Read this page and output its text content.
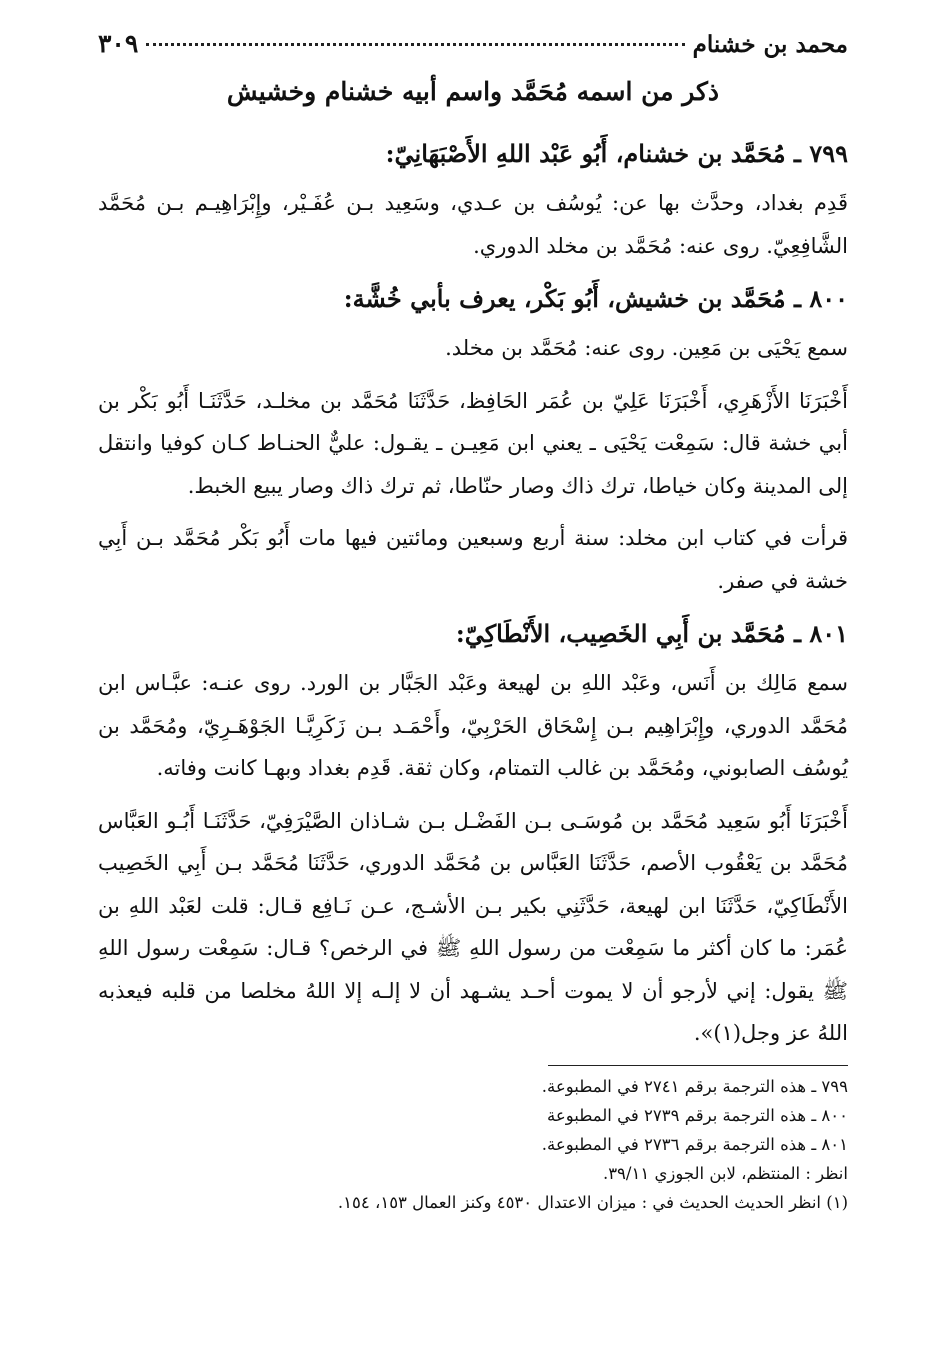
محمد بن خشنام
٣٠٩
ذكر من اسمه مُحَمَّد واسم أبيه خشنام وخشيش
٧٩٩ ـ مُحَمَّد بن خشنام، أَبُو عَبْد اللهِ الأَصْبَهَانِيّ:

قَدِم بغداد، وحدَّث بها عن: يُوسُف بن عـدي، وسَعِيد بـن عُفَـيْر، وإِبْرَاهِيـم بـن مُحَمَّد الشَّافِعِيّ. روى عنه: مُحَمَّد بن مخلد الدوري.

٨٠٠ ـ مُحَمَّد بن خشيش، أَبُو بَكْر، يعرف بأبي خُشَّة:

سمع يَحْيَى بن مَعِين. روى عنه: مُحَمَّد بن مخلد.

أَخْبَرَنَا الأَزْهَرِي، أَخْبَرَنَا عَلِيّ بن عُمَر الحَافِظ، حَدَّثَنَا مُحَمَّد بن مخلـد، حَدَّثَنَـا أَبُو بَكْر بن أبي خشة قال: سَمِعْت يَحْيَى ـ يعني ابن مَعِيـن ـ يقـول: عليٌّ الحنـاط كـان كوفيا وانتقل إلى المدينة وكان خياطا، ترك ذاك وصار حنّاطا، ثم ترك ذاك وصار يبيع الخبط.

قرأت في كتاب ابن مخلد: سنة أربع وسبعين ومائتين فيها مات أَبُو بَكْر مُحَمَّد بـن أَبِي خشة في صفر.

٨٠١ ـ مُحَمَّد بن أَبِي الخَصِيب، الأَنْطَاكِيّ:

سمع مَالِك بن أَنَس، وعَبْد اللهِ بن لهيعة وعَبْد الجَبَّار بن الورد. روى عنـه: عبَّـاس ابن مُحَمَّد الدوري، وإِبْرَاهِيم بـن إِسْحَاق الحَرْبِيّ، وأَحْمَـد بـن زَكَرِيَّـا الجَوْهَـرِيّ، ومُحَمَّد بن يُوسُف الصابوني، ومُحَمَّد بن غالب التمتام، وكان ثقة. قَدِم بغداد وبهـا كانت وفاته.

أَخْبَرَنَا أَبُو سَعِيد مُحَمَّد بن مُوسَـى بـن الفَضْـل بـن شـاذان الصَّيْرَفِيّ، حَدَّثَنَـا أَبُـو العَبَّاس مُحَمَّد بن يَعْقُوب الأصم، حَدَّثَنَا العَبَّاس بن مُحَمَّد الدوري، حَدَّثَنَا مُحَمَّد بـن أَبِي الخَصِيب الأَنْطَاكِيّ، حَدَّثَنَا ابن لهيعة، حَدَّثَنِي بكير بـن الأشـج، عـن نَـافِع قـال: قلت لعَبْد اللهِ بن عُمَر: ما كان أكثر ما سَمِعْت من رسول اللهِ ﷺ في الرخص؟ قـال: سَمِعْت رسول اللهِ ﷺ يقول: إني لأرجو أن لا يموت أحـد يشـهد أن لا إلـه إلا اللهُ مخلصا من قلبه فيعذبه اللهُ عز وجل(١)».

٧٩٩ ـ هذه الترجمة برقم ٢٧٤١ في المطبوعة.
٨٠٠ ـ هذه الترجمة برقم ٢٧٣٩ في المطبوعة
٨٠١ ـ هذه الترجمة برقم ٢٧٣٦ في المطبوعة.
انظر : المنتظم، لابن الجوزي ٣٩/١١.
(١) انظر الحديث الحديث في : ميزان الاعتدال ٤٥٣٠ وكنز العمال ١٥٣، ١٥٤.
